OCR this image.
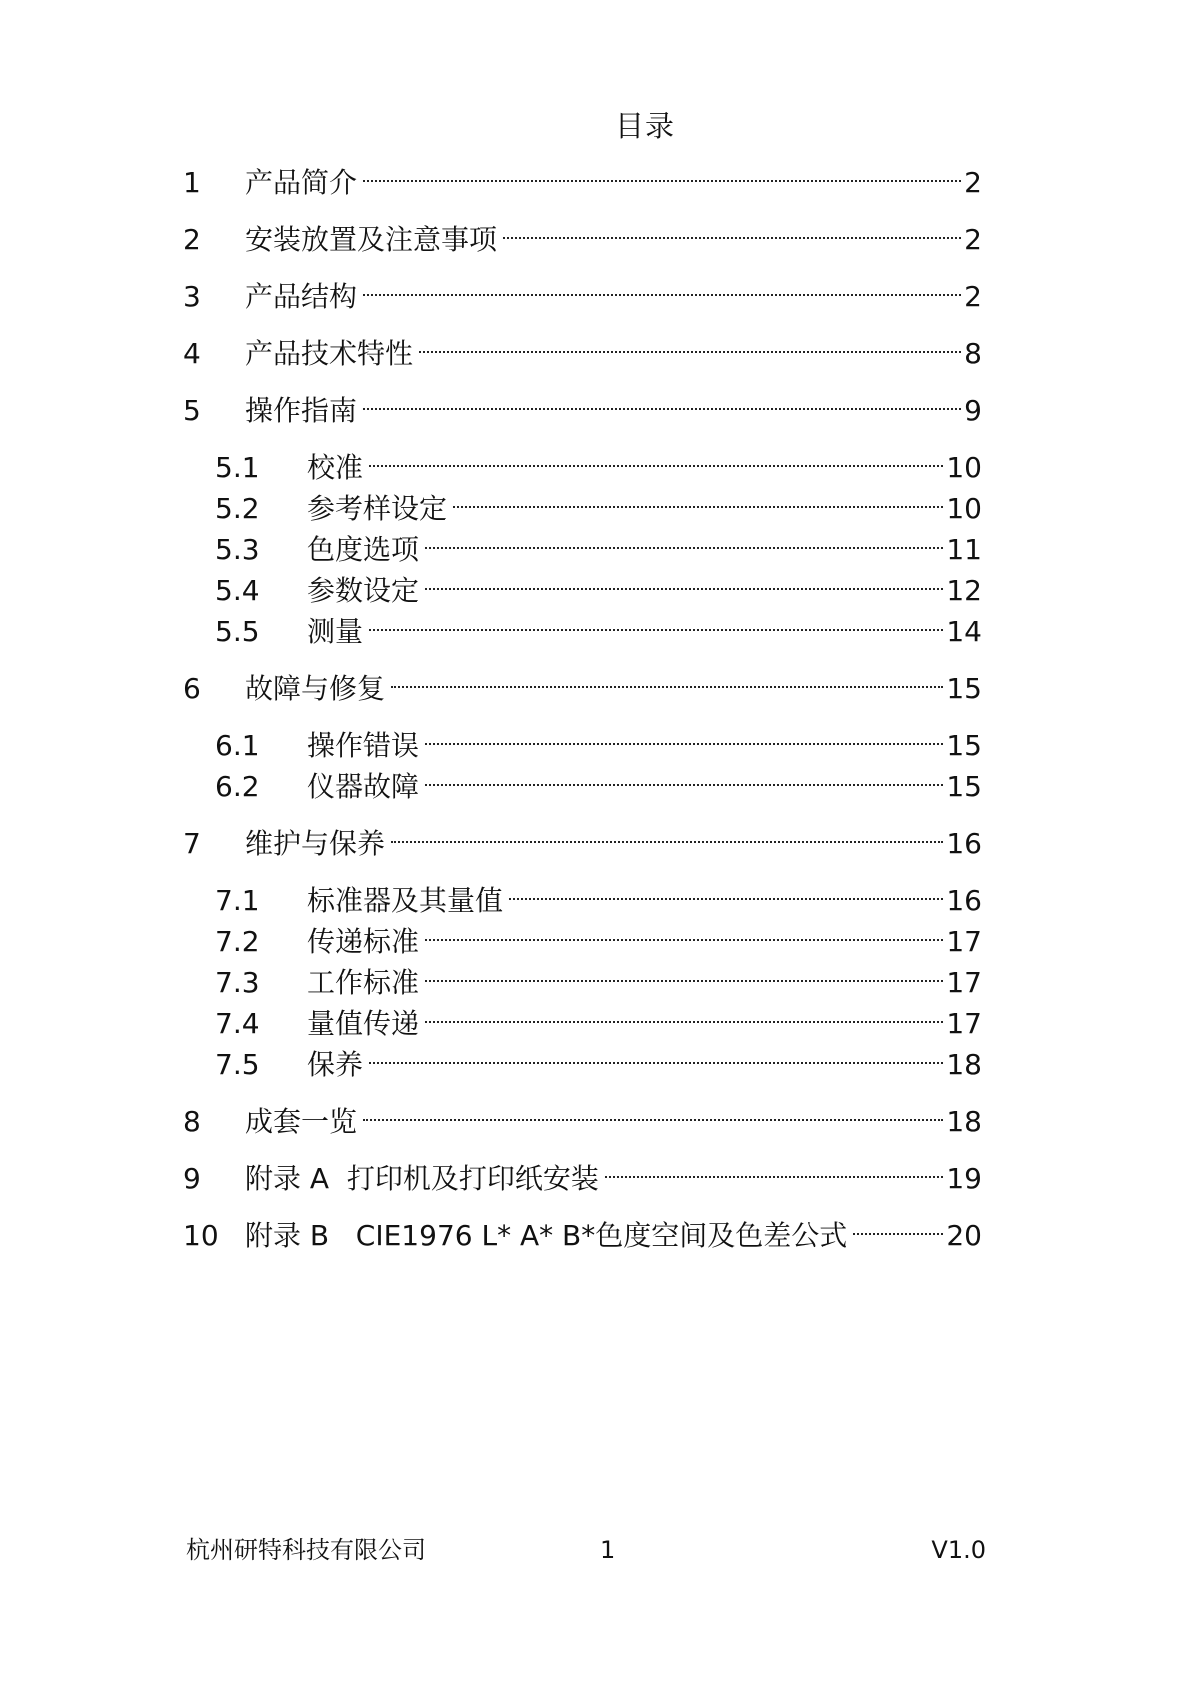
目录
1	产品简介	2
2	安装放置及注意事项	2
3	产品结构	2
4	产品技术特性	8
5	操作指南	9
5.1	校准	10
5.2	参考样设定	10
5.3	色度选项	11
5.4	参数设定	12
5.5	测量	14
6	故障与修复	15
6.1	操作错误	15
6.2	仪器故障	15
7	维护与保养	16
7.1	标准器及其量值	16
7.2	传递标准	17
7.3	工作标准	17
7.4	量值传递	17
7.5	保养	18
8	成套一览	18
9	附录 A  打印机及打印纸安装	19
10 附录 B   CIE1976 L* A* B*色度空间及色差公式	20
杭州研特科技有限公司	1	V1.0
